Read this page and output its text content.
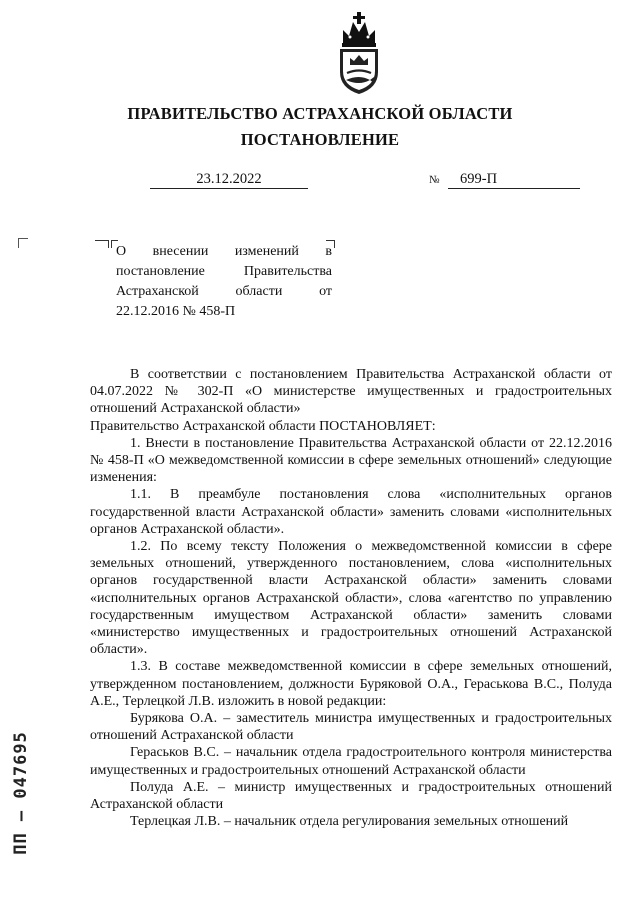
ПРАВИТЕЛЬСТВО АСТРАХАНСКОЙ ОБЛАСТИ
ПОСТАНОВЛЕНИЕ
23.12.2022	№	699-П
О внесении изменений в постановление Правительства Астраханской области от 22.12.2016 № 458-П

В соответствии с постановлением Правительства Астраханской области от 04.07.2022 № 302-П «О министерстве имущественных и градостроительных отношений Астраханской области»

Правительство Астраханской области ПОСТАНОВЛЯЕТ:

1. Внести в постановление Правительства Астраханской области от 22.12.2016 № 458-П «О межведомственной комиссии в сфере земельных отношений» следующие изменения:

1.1. В преамбуле постановления слова «исполнительных органов государственной власти Астраханской области» заменить словами «исполнительных органов Астраханской области».

1.2. По всему тексту Положения о межведомственной комиссии в сфере земельных отношений, утвержденного постановлением, слова «исполнительных органов государственной власти Астраханской области» заменить словами «исполнительных органов Астраханской области», слова «агентство по управлению государственным имуществом Астраханской области» заменить словами «министерство имущественных и градостроительных отношений Астраханской области».

1.3. В составе межведомственной комиссии в сфере земельных отношений, утвержденном постановлением, должности Буряковой О.А., Гераськова В.С., Полуда А.Е., Терлецкой Л.В. изложить в новой редакции:

Бурякова О.А. – заместитель министра имущественных и градостроительных отношений Астраханской области

Гераськов В.С. – начальник отдела градостроительного контроля министерства имущественных и градостроительных отношений Астраханской области

Полуда А.Е. – министр имущественных и градостроительных отношений Астраханской области

Терлецкая Л.В. – начальник отдела регулирования земельных отношений

ПП – 047695
